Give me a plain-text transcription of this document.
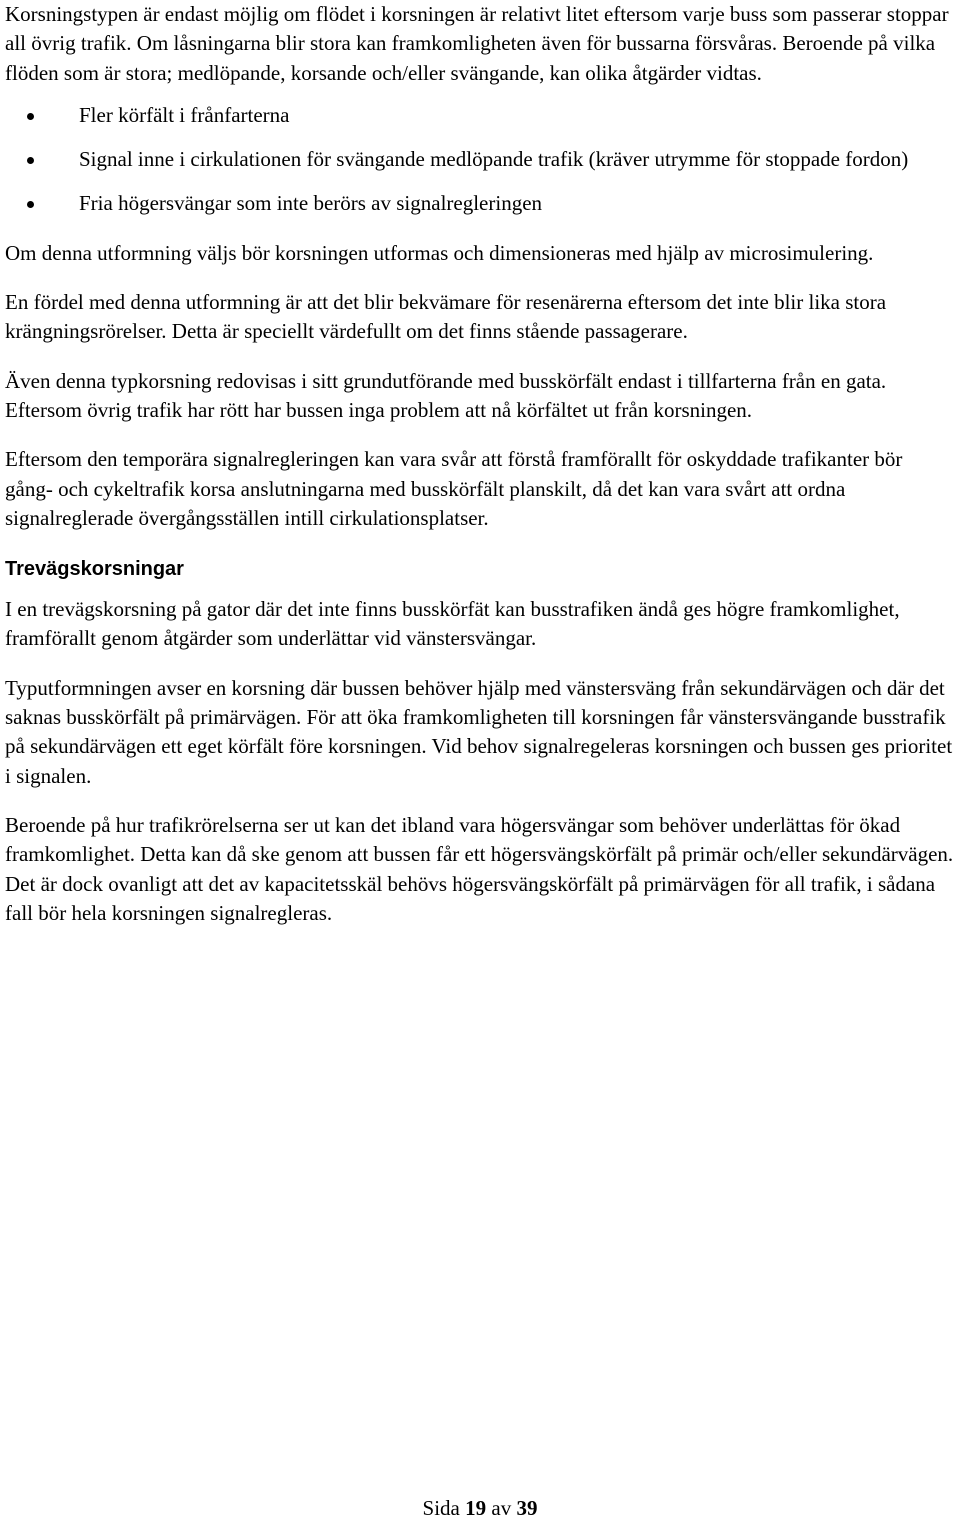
Korsningstypen är endast möjlig om flödet i korsningen är relativt litet eftersom varje buss som passerar stoppar all övrig trafik. Om låsningarna blir stora kan framkomligheten även för bussarna försvåras. Beroende på vilka flöden som är stora; medlöpande, korsande och/eller svängande, kan olika åtgärder vidtas.

Fler körfält i frånfarterna
Signal inne i cirkulationen för svängande medlöpande trafik (kräver utrymme för stoppade fordon)
Fria högersvängar som inte berörs av signalregleringen

Om denna utformning väljs bör korsningen utformas och dimensioneras med hjälp av microsimulering.

En fördel med denna utformning är att det blir bekvämare för resenärerna eftersom det inte blir lika stora krängningsrörelser. Detta är speciellt värdefullt om det finns stående passagerare.

Även denna typkorsning redovisas i sitt grundutförande med busskörfält endast i tillfarterna från en gata. Eftersom övrig trafik har rött har bussen inga problem att nå körfältet ut från korsningen.

Eftersom den temporära signalregleringen kan vara svår att förstå framförallt för oskyddade trafikanter bör gång- och cykeltrafik korsa anslutningarna med busskörfält planskilt, då det kan vara svårt att ordna signalreglerade övergångsställen intill cirkulationsplatser.

Trevägskorsningar

I en trevägskorsning på gator där det inte finns busskörfät kan busstrafiken ändå ges högre framkomlighet, framförallt genom åtgärder som underlättar vid vänstersvängar.

Typutformningen avser en korsning där bussen behöver hjälp med vänstersväng från sekundärvägen och där det saknas busskörfält på primärvägen. För att öka framkomligheten till korsningen får vänstersvängande busstrafik på sekundärvägen ett eget körfält före korsningen. Vid behov signalregeleras korsningen och bussen ges prioritet i signalen.

Beroende på hur trafikrörelserna ser ut kan det ibland vara högersvängar som behöver underlättas för ökad framkomlighet. Detta kan då ske genom att bussen får ett högersvängskörfält på primär och/eller sekundärvägen. Det är dock ovanligt att det av kapacitetsskäl behövs högersvängskörfält på primärvägen för all trafik, i sådana fall bör hela korsningen signalregleras.

Sida 19 av 39
